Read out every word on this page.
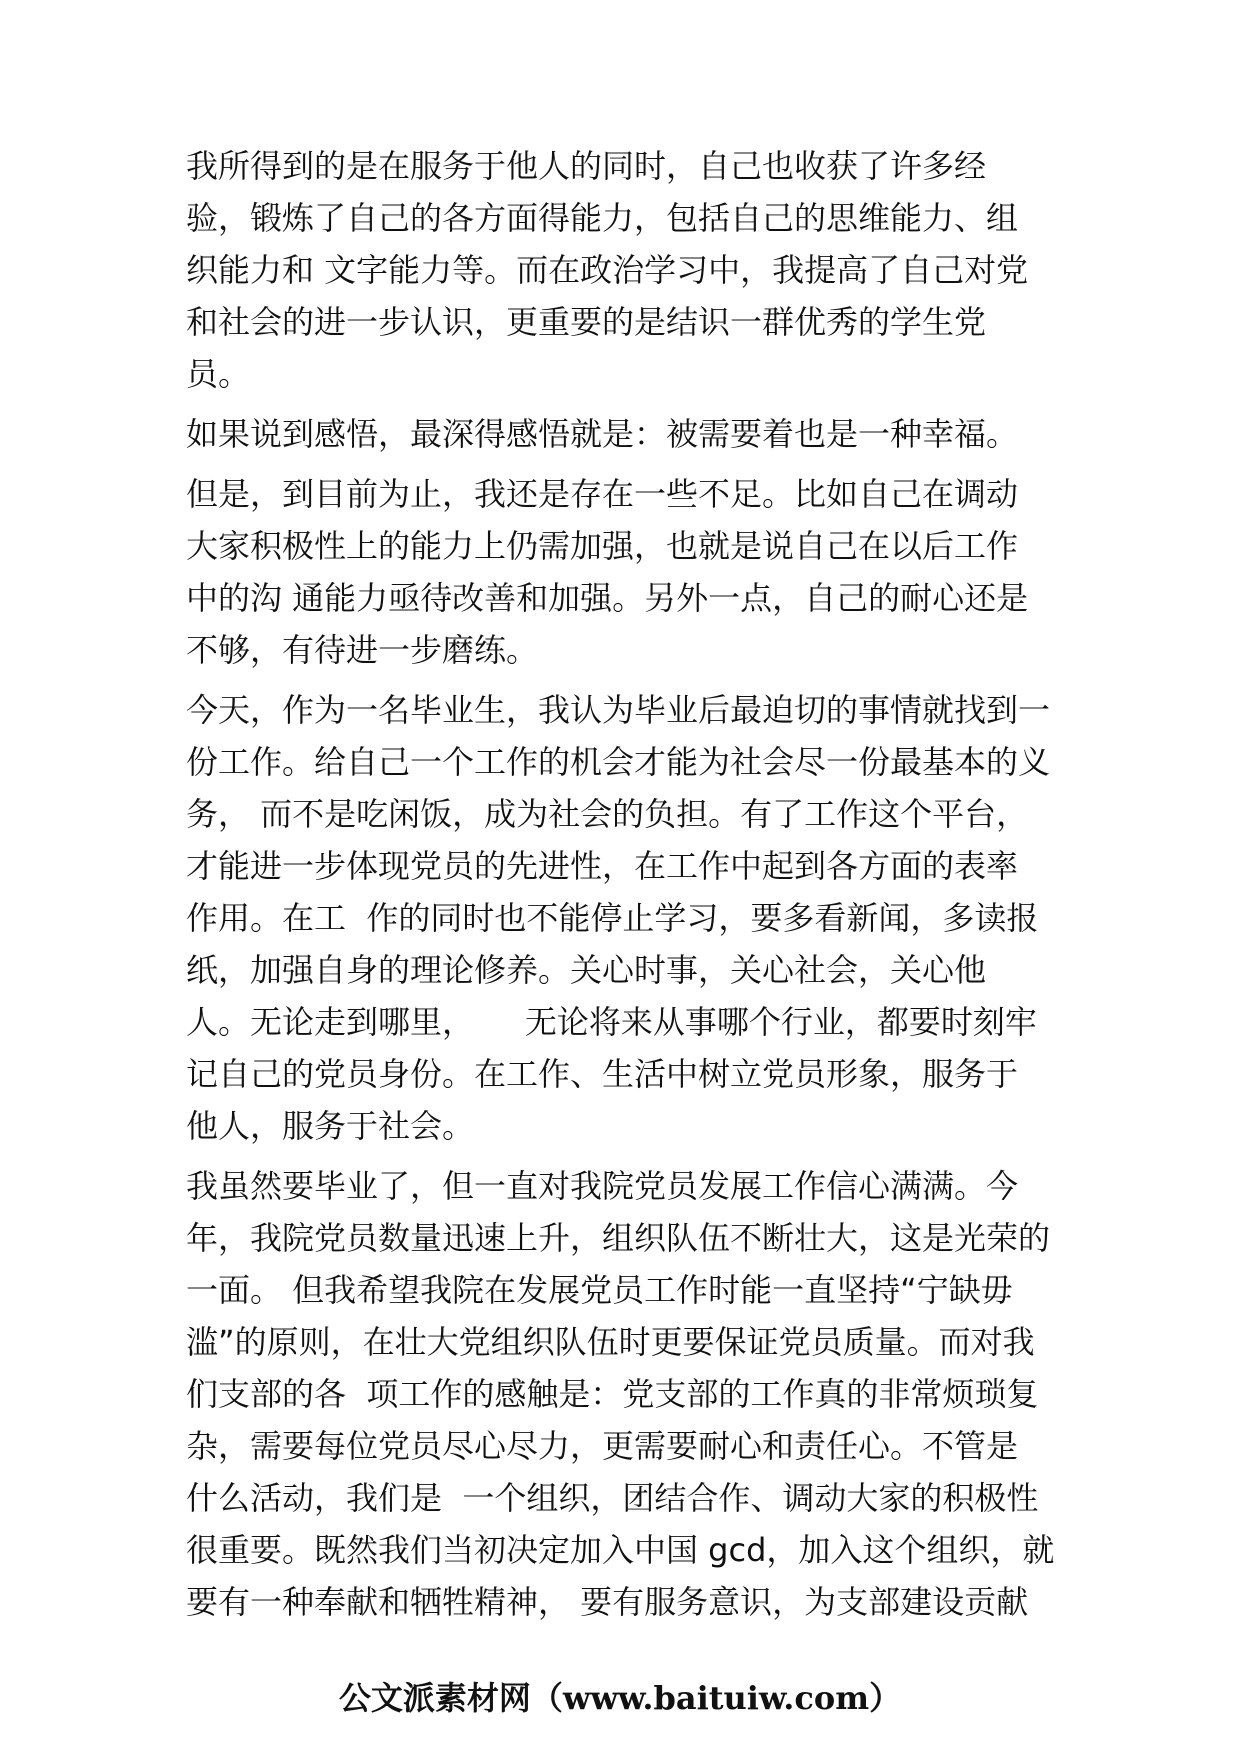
我所得到的是在服务于他人的同时，自己也收获了许多经
验，锻炼了自己的各方面得能力，包括自己的思维能力、组
织能力和 文字能力等。而在政治学习中，我提高了自己对党
和社会的进一步认识，更重要的是结识一群优秀的学生党
员。
如果说到感悟，最深得感悟就是：被需要着也是一种幸福。
但是，到目前为止，我还是存在一些不足。比如自己在调动
大家积极性上的能力上仍需加强，也就是说自己在以后工作
中的沟 通能力亟待改善和加强。另外一点，自己的耐心还是
不够，有待进一步磨练。
今天，作为一名毕业生，我认为毕业后最迫切的事情就找到一
份工作。给自己一个工作的机会才能为社会尽一份最基本的义
务， 而不是吃闲饭，成为社会的负担。有了工作这个平台，
才能进一步体现党员的先进性，在工作中起到各方面的表率
作用。在工  作的同时也不能停止学习，要多看新闻，多读报
纸，加强自身的理论修养。关心时事，关心社会，关心他
人。无论走到哪里，     无论将来从事哪个行业，都要时刻牢
记自己的党员身份。在工作、生活中树立党员形象，服务于
他人，服务于社会。
我虽然要毕业了，但一直对我院党员发展工作信心满满。今
年，我院党员数量迅速上升，组织队伍不断壮大，这是光荣的
一面。 但我希望我院在发展党员工作时能一直坚持“宁缺毋
滥”的原则，在壮大党组织队伍时更要保证党员质量。而对我
们支部的各  项工作的感触是：党支部的工作真的非常烦琐复
杂，需要每位党员尽心尽力，更需要耐心和责任心。不管是
什么活动，我们是  一个组织，团结合作、调动大家的积极性
很重要。既然我们当初决定加入中国 gcd，加入这个组织，就
要有一种奉献和牺牲精神， 要有服务意识，为支部建设贡献
公文派素材网（www.baituiw.com）
